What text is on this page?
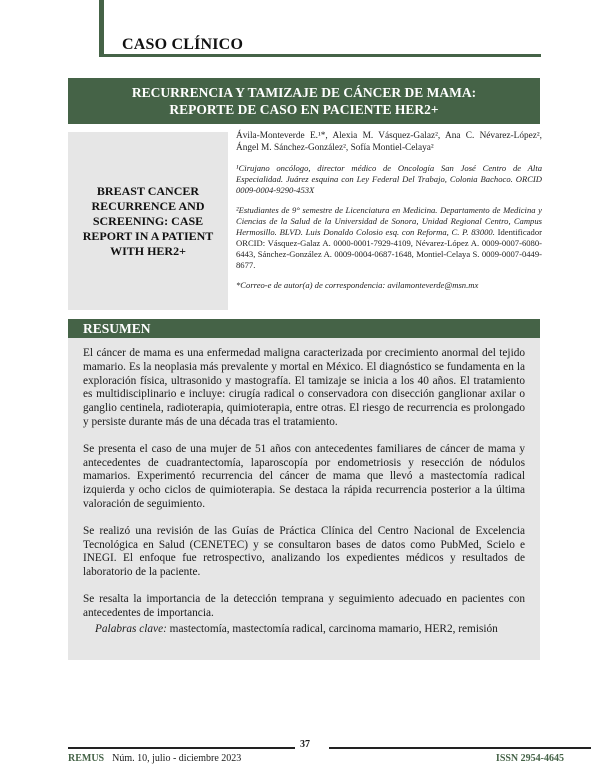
CASO CLÍNICO
RECURRENCIA Y TAMIZAJE DE CÁNCER DE MAMA:
REPORTE DE CASO EN PACIENTE HER2+
BREAST CANCER RECURRENCE AND SCREENING: CASE REPORT IN A PATIENT WITH HER2+

Ávila-Monteverde E.¹*, Alexia M. Vásquez-Galaz², Ana C. Névarez-López², Ángel M. Sánchez-González², Sofía Montiel-Celaya²

¹Cirujano oncólogo, director médico de Oncología San José Centro de Alta Especialidad. Juárez esquina con Ley Federal Del Trabajo, Colonia Bachoco. ORCID 0009-0004-9290-453X

²Estudiantes de 9° semestre de Licenciatura en Medicina. Departamento de Medicina y Ciencias de la Salud de la Universidad de Sonora, Unidad Regional Centro, Campus Hermosillo. BLVD. Luis Donaldo Colosio esq. con Reforma, C. P. 83000. Identificador ORCID: Vásquez-Galaz A. 0000-0001-7929-4109, Névarez-López A. 0009-0007-6080-6443, Sánchez-González A. 0009-0004-0687-1648, Montiel-Celaya S. 0009-0007-0449-8677.

*Correo-e de autor(a) de correspondencia: avilamonteverde@msn.mx

RESUMEN

El cáncer de mama es una enfermedad maligna caracterizada por crecimiento anormal del tejido mamario. Es la neoplasia más prevalente y mortal en México. El diagnóstico se fundamenta en la exploración física, ultrasonido y mastografía. El tamizaje se inicia a los 40 años. El tratamiento es multidisciplinario e incluye: cirugía radical o conservadora con disección ganglionar axilar o ganglio centinela, radioterapia, quimioterapia, entre otras. El riesgo de recurrencia es prolongado y persiste durante más de una década tras el tratamiento.

Se presenta el caso de una mujer de 51 años con antecedentes familiares de cáncer de mama y antecedentes de cuadrantectomía, laparoscopía por endometriosis y resección de nódulos mamarios. Experimentó recurrencia del cáncer de mama que llevó a mastectomía radical izquierda y ocho ciclos de quimioterapia. Se destaca la rápida recurrencia posterior a la última valoración de seguimiento.

Se realizó una revisión de las Guías de Práctica Clínica del Centro Nacional de Excelencia Tecnológica en Salud (CENETEC) y se consultaron bases de datos como PubMed, Scielo e INEGI. El enfoque fue retrospectivo, analizando los expedientes médicos y resultados de laboratorio de la paciente.

Se resalta la importancia de la detección temprana y seguimiento adecuado en pacientes con antecedentes de importancia.

Palabras clave: mastectomía, mastectomía radical, carcinoma mamario, HER2, remisión

37
REMUS Núm. 10, julio - diciembre 2023	ISSN 2954-4645
